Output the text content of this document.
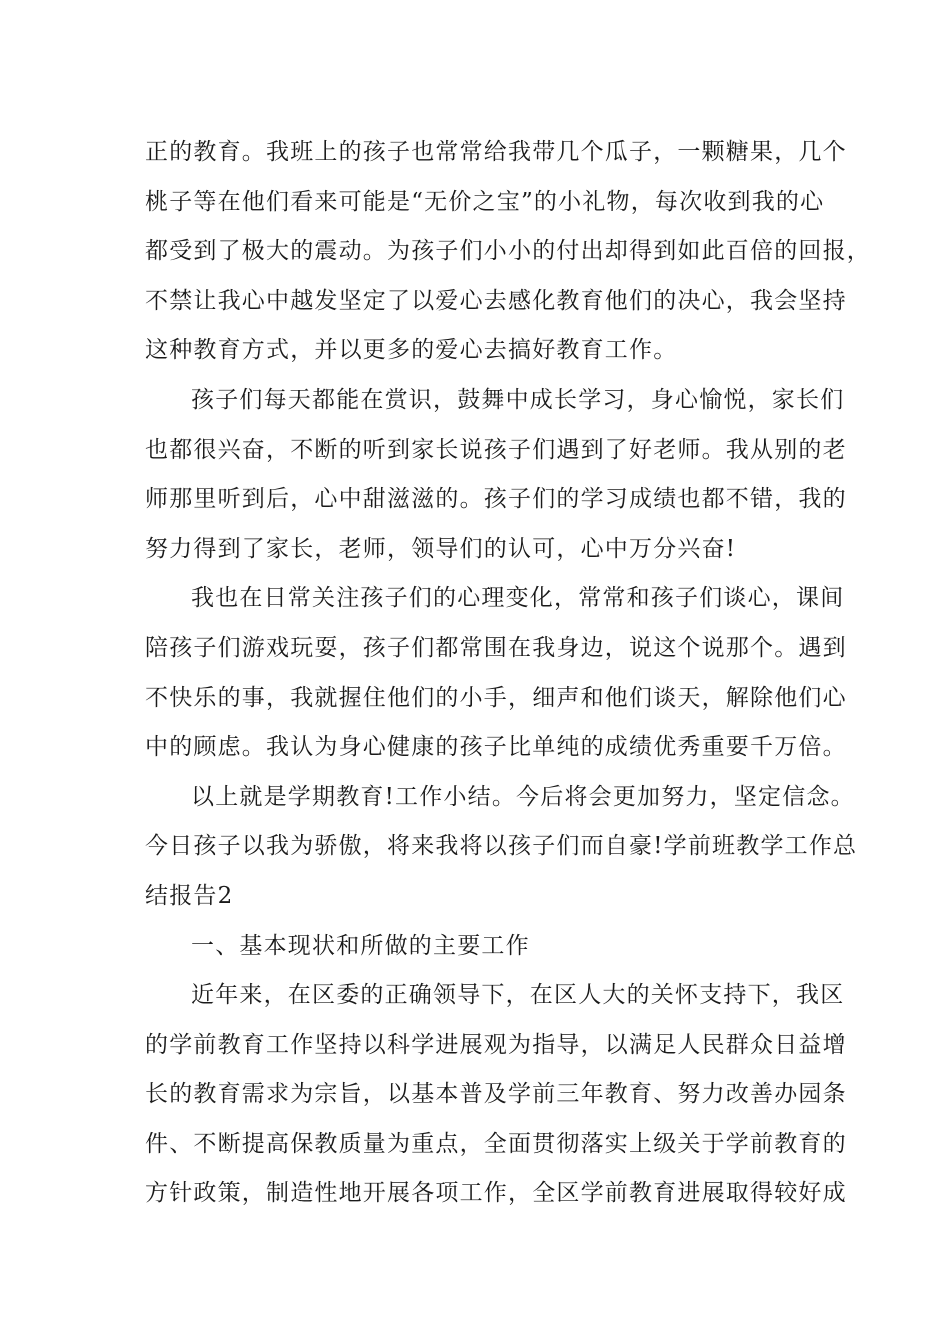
正的教育。我班上的孩子也常常给我带几个瓜子，一颗糖果，几个
桃子等在他们看来可能是“无价之宝”的小礼物，每次收到我的心
都受到了极大的震动。为孩子们小小的付出却得到如此百倍的回报，
不禁让我心中越发坚定了以爱心去感化教育他们的决心，我会坚持
这种教育方式，并以更多的爱心去搞好教育工作。
孩子们每天都能在赏识，鼓舞中成长学习，身心愉悦，家长们
也都很兴奋，不断的听到家长说孩子们遇到了好老师。我从别的老
师那里听到后，心中甜滋滋的。孩子们的学习成绩也都不错，我的
努力得到了家长，老师，领导们的认可，心中万分兴奋!
我也在日常关注孩子们的心理变化，常常和孩子们谈心，课间
陪孩子们游戏玩耍，孩子们都常围在我身边，说这个说那个。遇到
不快乐的事，我就握住他们的小手，细声和他们谈天，解除他们心
中的顾虑。我认为身心健康的孩子比单纯的成绩优秀重要千万倍。
以上就是学期教育!工作小结。今后将会更加努力，坚定信念。
今日孩子以我为骄傲，将来我将以孩子们而自豪!学前班教学工作总
结报告2
一、基本现状和所做的主要工作
近年来，在区委的正确领导下，在区人大的关怀支持下，我区
的学前教育工作坚持以科学进展观为指导，以满足人民群众日益增
长的教育需求为宗旨，以基本普及学前三年教育、努力改善办园条
件、不断提高保教质量为重点，全面贯彻落实上级关于学前教育的
方针政策，制造性地开展各项工作，全区学前教育进展取得较好成
